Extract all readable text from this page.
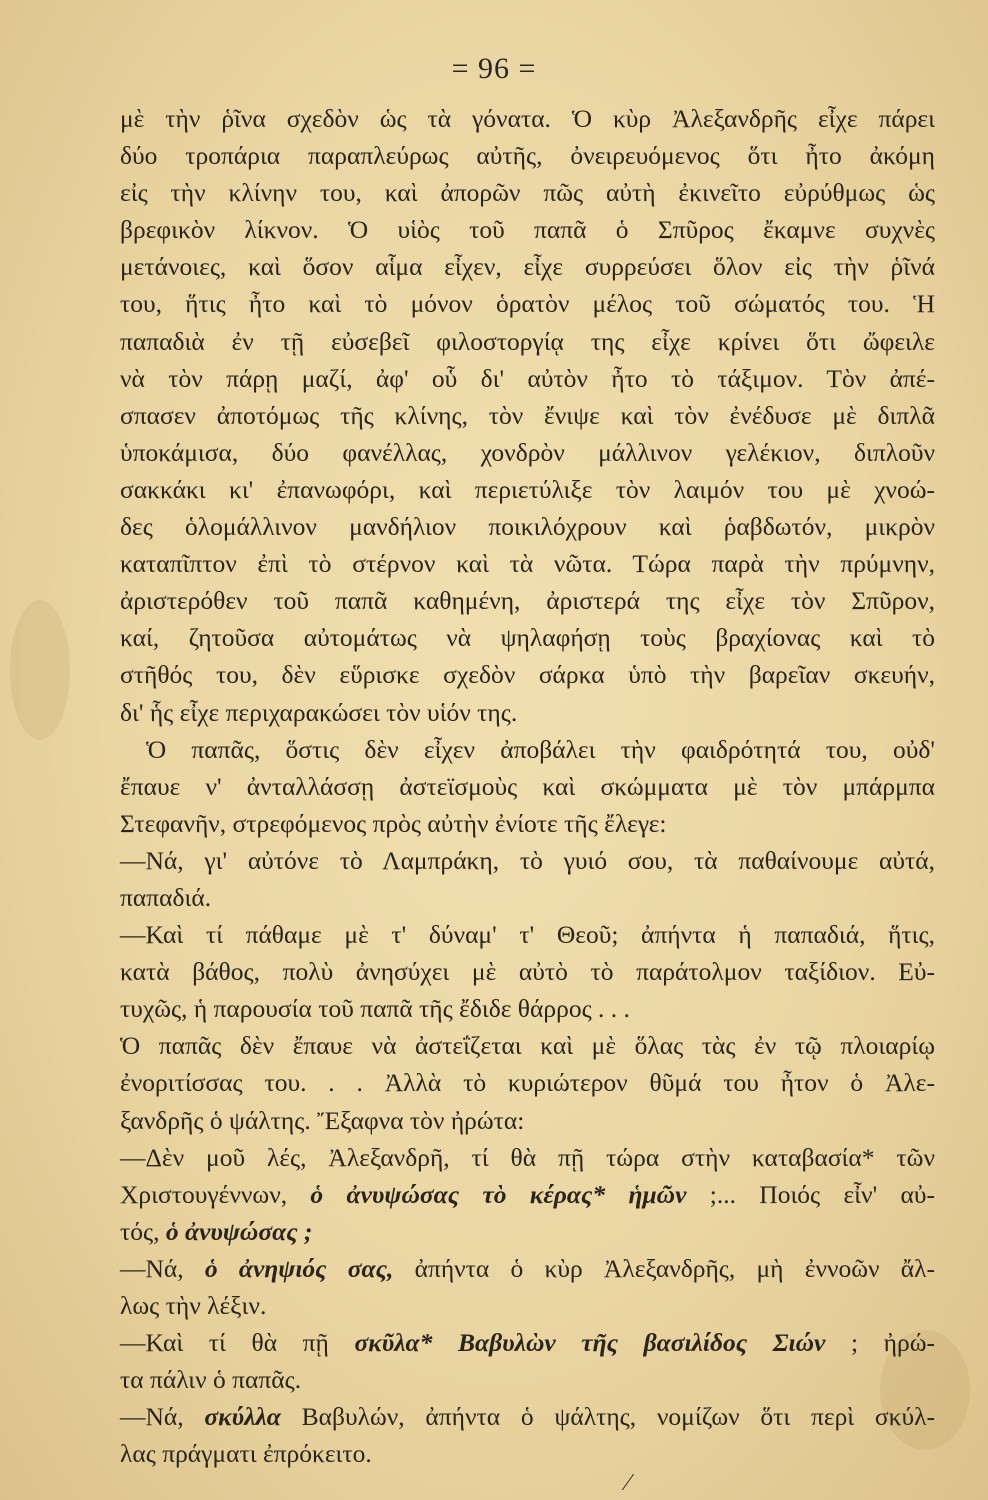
= 96 =
μὲ τὴν ῥῖνα σχεδὸν ὡς τὰ γόνατα. Ὁ κὺρ Ἀλεξανδρῆς εἶχε πάρει
δύο τροπάρια παραπλεύρως αὐτῆς, ὀνειρευόμενος ὅτι ἦτο ἀκόμη
εἰς τὴν κλίνην του, καὶ ἀπορῶν πῶς αὐτὴ ἐκινεῖτο εὐρύθμως ὡς
βρεφικὸν λίκνον. Ὁ υἱὸς τοῦ παπᾶ ὁ Σπῦρος ἔκαμνε συχνὲς
μετάνοιες, καὶ ὅσον αἷμα εἶχεν, εἶχε συρρεύσει ὅλον εἰς τὴν ῥῖνά
του, ἥτις ἦτο καὶ τὸ μόνον ὁρατὸν μέλος τοῦ σώματός του. Ἡ
παπαδιὰ ἐν τῇ εὐσεβεῖ φιλοστοργίᾳ της εἶχε κρίνει ὅτι ὤφειλε
νὰ τὸν πάρῃ μαζί, ἀφ' οὗ δι' αὐτὸν ἦτο τὸ τάξιμον. Τὸν ἀπέ-
σπασεν ἀποτόμως τῆς κλίνης, τὸν ἔνιψε καὶ τὸν ἐνέδυσε μὲ διπλᾶ
ὑποκάμισα, δύο φανέλλας, χονδρὸν μάλλινον γελέκιον, διπλοῦν
σακκάκι κι' ἐπανωφόρι, καὶ περιετύλιξε τὸν λαιμόν του μὲ χνοώ-
δες ὁλομάλλινον μανδήλιον ποικιλόχρουν καὶ ῥαβδωτόν, μικρὸν
καταπῖπτον ἐπὶ τὸ στέρνον καὶ τὰ νῶτα. Τώρα παρὰ τὴν πρύμνην,
ἀριστερόθεν τοῦ παπᾶ καθημένη, ἀριστερά της εἶχε τὸν Σπῦρον,
καί, ζητοῦσα αὐτομάτως νὰ ψηλαφήσῃ τοὺς βραχίονας καὶ τὸ
στῆθός του, δὲν εὕρισκε σχεδὸν σάρκα ὑπὸ τὴν βαρεῖαν σκευήν,
δι' ἧς εἶχε περιχαρακώσει τὸν υἱόν της.
Ὁ παπᾶς, ὅστις δὲν εἶχεν ἀποβάλει τὴν φαιδρότητά του, οὐδ'
ἔπαυε ν' ἀνταλλάσσῃ ἀστεϊσμοὺς καὶ σκώμματα μὲ τὸν μπάρμπα
Στεφανῆν, στρεφόμενος πρὸς αὐτὴν ἐνίοτε τῆς ἔλεγε:
—Νά, γι' αὐτόνε τὸ Λαμπράκη, τὸ γυιό σου, τὰ παθαίνουμε αὐτά,
παπαδιά.
—Καὶ τί πάθαμε μὲ τ' δύναμ' τ' Θεοῦ; ἀπήντα ἡ παπαδιά, ἥτις,
κατὰ βάθος, πολὺ ἀνησύχει μὲ αὐτὸ τὸ παράτολμον ταξίδιον. Εὐ-
τυχῶς, ἡ παρουσία τοῦ παπᾶ τῆς ἔδιδε θάρρος . . .
Ὁ παπᾶς δὲν ἔπαυε νὰ ἀστεΐζεται καὶ μὲ ὅλας τὰς ἐν τῷ πλοιαρίῳ
ἐνοριτίσσας του. . . Ἀλλὰ τὸ κυριώτερον θῦμά του ἦτον ὁ Ἀλε-
ξανδρῆς ὁ ψάλτης. Ἔξαφνα τὸν ἠρώτα:
—Δὲν μοῦ λές, Ἀλεξανδρῆ, τί θὰ πῇ τώρα στὴν καταβασία* τῶν
Χριστουγέννων, ὁ ἀνυψώσας τὸ κέρας* ἡμῶν ;... Ποιός εἶν' αὐ-
τός, ὁ ἀνυψώσας ;
—Νά, ὁ ἀνηψιός σας, ἀπήντα ὁ κὺρ Ἀλεξανδρῆς, μὴ ἐννοῶν ἄλ-
λως τὴν λέξιν.
—Καὶ τί θὰ πῇ σκῦλα* Βαβυλὼν τῆς βασιλίδος Σιών ; ἠρώ-
τα πάλιν ὁ παπᾶς.
—Νά, σκύλλα Βαβυλών, ἀπήντα ὁ ψάλτης, νομίζων ὅτι περὶ σκύλ-
λας πράγματι ἐπρόκειτο.
⁄
